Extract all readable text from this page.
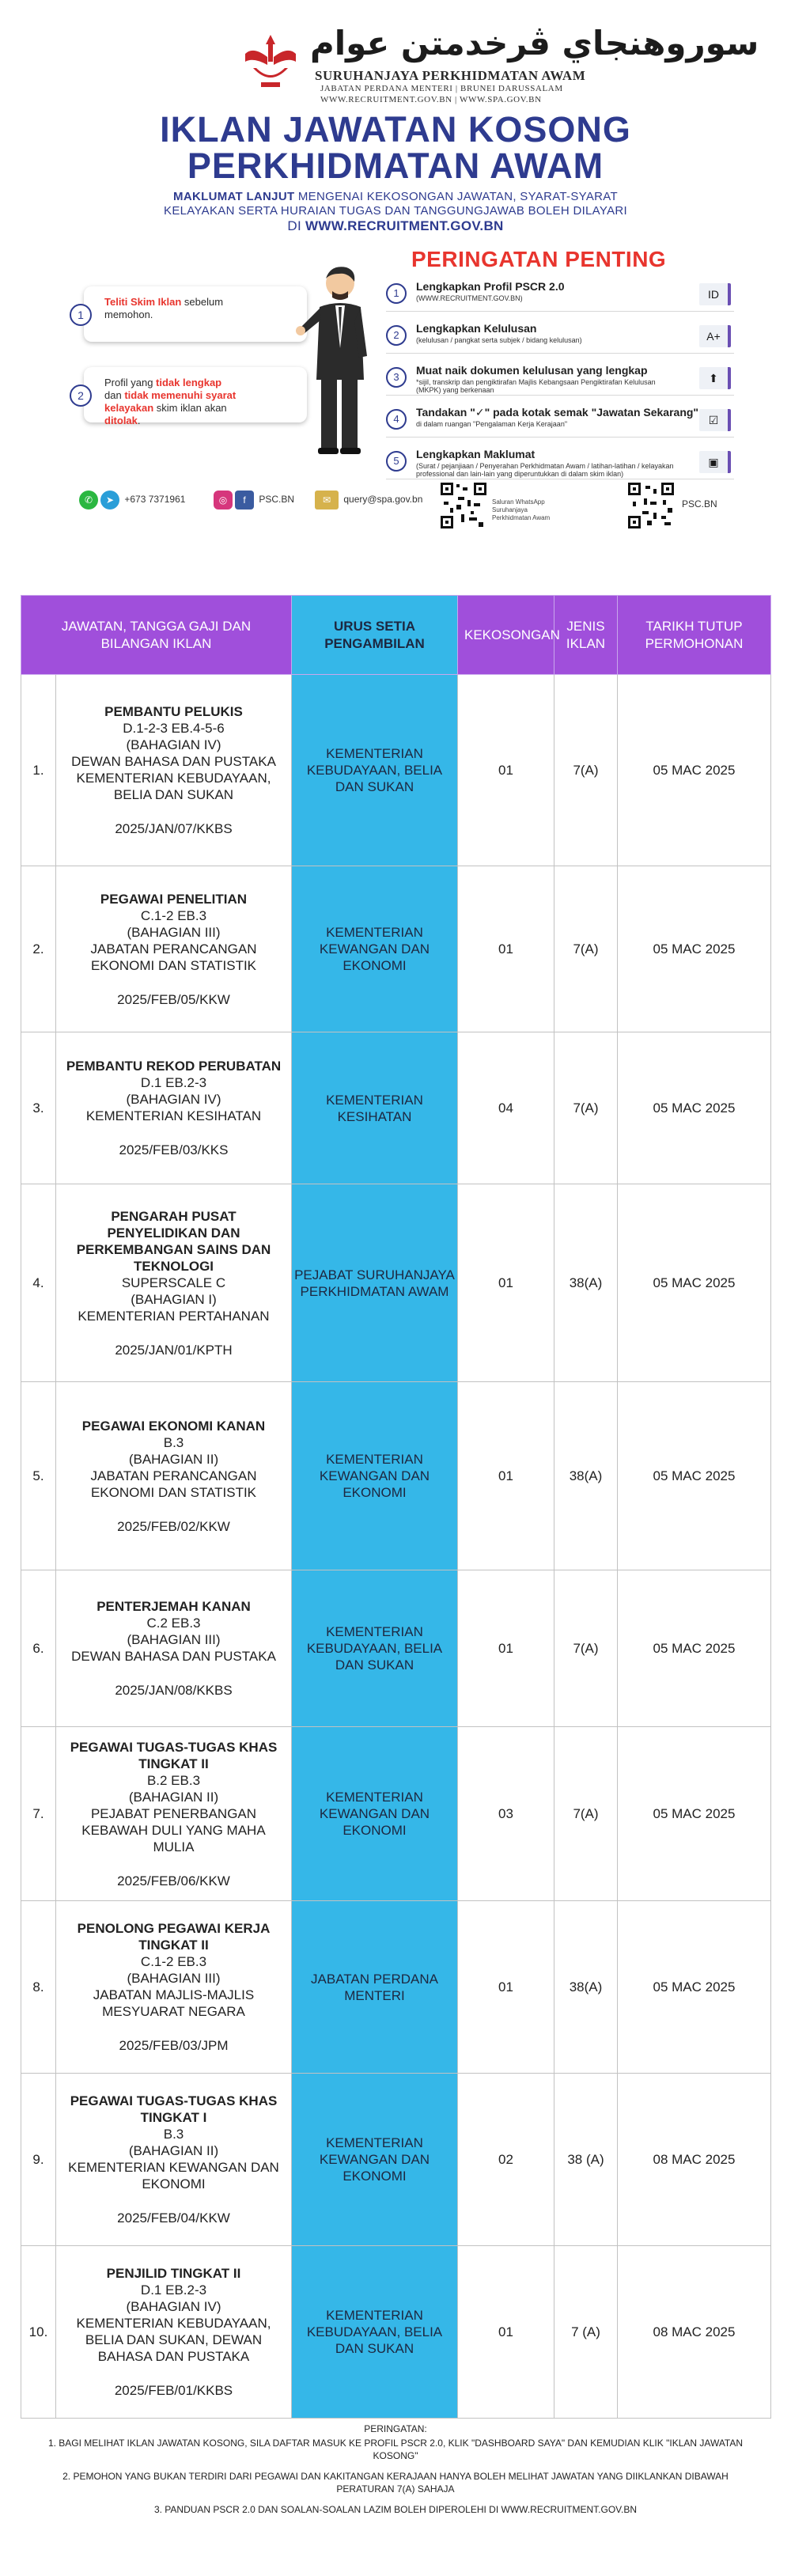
سوروهنجاي ڤرخدمتن عوام
SURUHANJAYA PERKHIDMATAN AWAM
JABATAN PERDANA MENTERI | BRUNEI DARUSSALAM
WWW.RECRUITMENT.GOV.BN | WWW.SPA.GOV.BN
IKLAN JAWATAN KOSONG
PERKHIDMATAN AWAM
MAKLUMAT LANJUT MENGENAI KEKOSONGAN JAWATAN, SYARAT-SYARAT
KELAYAKAN SERTA HURAIAN TUGAS DAN TANGGUNGJAWAB BOLEH DILAYARI
DI WWW.RECRUITMENT.GOV.BN
1
Teliti Skim Iklan sebelum memohon.
2
Profil yang tidak lengkap dan tidak memenuhi syarat kelayakan skim iklan akan ditolak.
PERINGATAN PENTING
1
Lengkapkan Profil PSCR 2.0
(WWW.RECRUITMENT.GOV.BN)	ID
2
Lengkapkan Kelulusan
(kelulusan / pangkat serta subjek / bidang kelulusan)	A+
3
Muat naik dokumen kelulusan yang lengkap
*sijil, transkrip dan pengiktirafan Majlis Kebangsaan Pengiktirafan Kelulusan (MKPK) yang berkenaan
⬆
4
Tandakan "✓" pada kotak semak "Jawatan Sekarang"
di dalam ruangan "Pengalaman Kerja Kerajaan"	☑
5
Lengkapkan Maklumat
(Surat / pejanjiaan / Penyerahan Perkhidmatan Awam / latihan-latihan / kelayakan professional dan lain-lain yang diperuntukkan di dalam skim iklan)
▣
✆ ➤ +673 7371961	◎ f PSC.BN	✉ query@spa.gov.bn	Saluran WhatsApp Suruhanjaya Perkhidmatan Awam
PSC.BN
JAWATAN, TANGGA GAJI DAN BILANGAN IKLAN		URUS SETIA PENGAMBILAN	KEKOSONGAN	JENIS IKLAN	TARIKH TUTUP PERMOHONAN
1.	PEMBANTU PELUKIS
D.1-2-3 EB.4-5-6
(BAHAGIAN IV)
DEWAN BAHASA DAN PUSTAKA KEMENTERIAN KEBUDAYAAN, BELIA DAN SUKAN
2025/JAN/07/KKBS	KEMENTERIAN KEBUDAYAAN, BELIA DAN SUKAN	01	7(A)	05 MAC 2025
2.	PEGAWAI PENELITIAN
C.1-2 EB.3
(BAHAGIAN III)
JABATAN PERANCANGAN EKONOMI DAN STATISTIK
2025/FEB/05/KKW	KEMENTERIAN KEWANGAN DAN EKONOMI	01	7(A)	05 MAC 2025
3.	PEMBANTU REKOD PERUBATAN
D.1 EB.2-3
(BAHAGIAN IV)
KEMENTERIAN KESIHATAN
2025/FEB/03/KKS	KEMENTERIAN KESIHATAN	04	7(A)	05 MAC 2025
4.	PENGARAH PUSAT PENYELIDIKAN DAN PERKEMBANGAN SAINS DAN TEKNOLOGI
SUPERSCALE C
(BAHAGIAN I)
KEMENTERIAN PERTAHANAN
2025/JAN/01/KPTH	PEJABAT SURUHANJAYA PERKHIDMATAN AWAM	01	38(A)	05 MAC 2025
5.	PEGAWAI EKONOMI KANAN
B.3
(BAHAGIAN II)
JABATAN PERANCANGAN EKONOMI DAN STATISTIK
2025/FEB/02/KKW	KEMENTERIAN KEWANGAN DAN EKONOMI	01	38(A)	05 MAC 2025
6.	PENTERJEMAH KANAN
C.2 EB.3
(BAHAGIAN III)
DEWAN BAHASA DAN PUSTAKA
2025/JAN/08/KKBS	KEMENTERIAN KEBUDAYAAN, BELIA DAN SUKAN	01	7(A)	05 MAC 2025
7.	PEGAWAI TUGAS-TUGAS KHAS TINGKAT II
B.2 EB.3
(BAHAGIAN II)
PEJABAT PENERBANGAN KEBAWAH DULI YANG MAHA MULIA
2025/FEB/06/KKW	KEMENTERIAN KEWANGAN DAN EKONOMI	03	7(A)	05 MAC 2025
8.	PENOLONG PEGAWAI KERJA TINGKAT II
C.1-2 EB.3
(BAHAGIAN III)
JABATAN MAJLIS-MAJLIS MESYUARAT NEGARA
2025/FEB/03/JPM	JABATAN PERDANA MENTERI	01	38(A)	05 MAC 2025
9.	PEGAWAI TUGAS-TUGAS KHAS TINGKAT I
B.3
(BAHAGIAN II)
KEMENTERIAN KEWANGAN DAN EKONOMI
2025/FEB/04/KKW	KEMENTERIAN KEWANGAN DAN EKONOMI	02	38 (A)	08 MAC 2025
10.	PENJILID TINGKAT II
D.1 EB.2-3
(BAHAGIAN IV)
KEMENTERIAN KEBUDAYAAN, BELIA DAN SUKAN, DEWAN BAHASA DAN PUSTAKA
2025/FEB/01/KKBS	KEMENTERIAN KEBUDAYAAN, BELIA DAN SUKAN	01	7 (A)	08 MAC 2025
PERINGATAN:
1. BAGI MELIHAT IKLAN JAWATAN KOSONG, SILA DAFTAR MASUK KE PROFIL PSCR 2.0, KLIK "DASHBOARD SAYA" DAN KEMUDIAN KLIK "IKLAN JAWATAN KOSONG"
2. PEMOHON YANG BUKAN TERDIRI DARI PEGAWAI DAN KAKITANGAN KERAJAAN HANYA BOLEH MELIHAT JAWATAN YANG DIIKLANKAN DIBAWAH PERATURAN 7(A) SAHAJA
3. PANDUAN PSCR 2.0 DAN SOALAN-SOALAN LAZIM BOLEH DIPEROLEHI DI WWW.RECRUITMENT.GOV.BN
